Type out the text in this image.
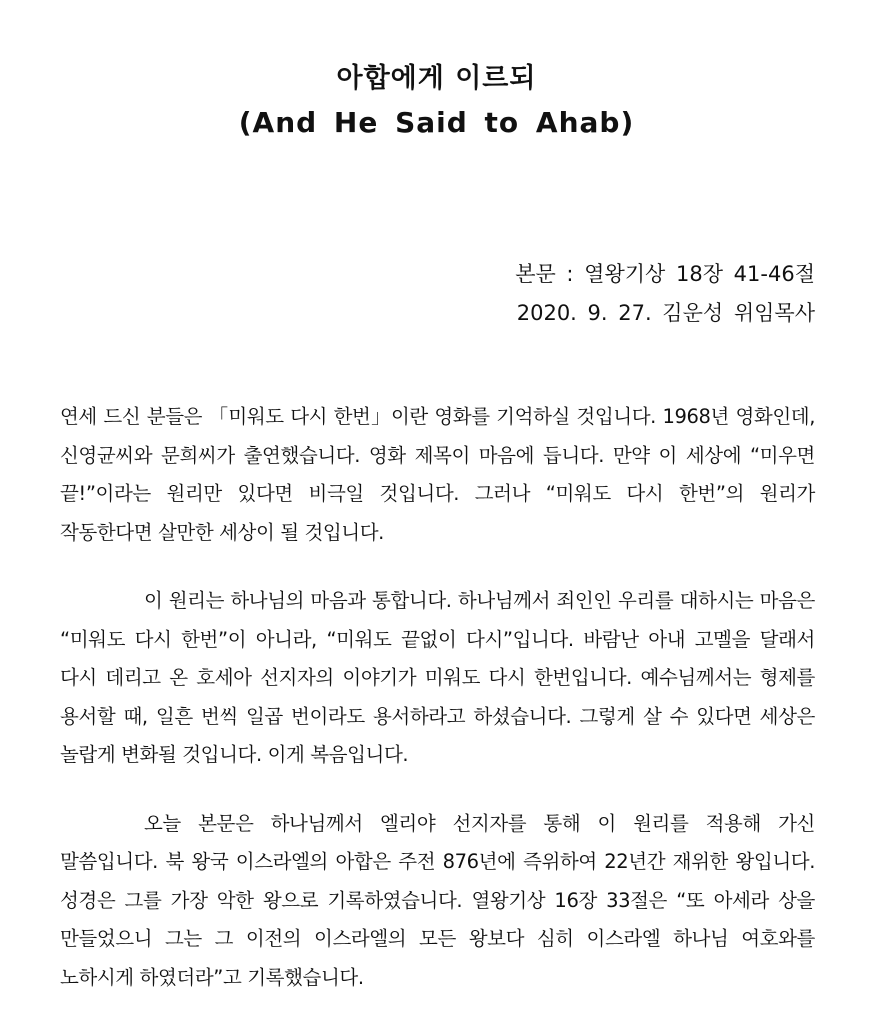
아합에게 이르되
(And He Said to Ahab)

본문 : 열왕기상 18장 41-46절

2020. 9. 27. 김운성 위임목사

연세 드신 분들은 「미워도 다시 한번」이란 영화를 기억하실 것입니다. 1968년 영화인데, 신영균씨와 문희씨가 출연했습니다. 영화 제목이 마음에 듭니다. 만약 이 세상에 “미우면 끝!”이라는 원리만 있다면 비극일 것입니다. 그러나 “미워도 다시 한번”의 원리가 작동한다면 살만한 세상이 될 것입니다.

이 원리는 하나님의 마음과 통합니다. 하나님께서 죄인인 우리를 대하시는 마음은 “미워도 다시 한번”이 아니라, “미워도 끝없이 다시”입니다. 바람난 아내 고멜을 달래서 다시 데리고 온 호세아 선지자의 이야기가 미워도 다시 한번입니다. 예수님께서는 형제를 용서할 때, 일흔 번씩 일곱 번이라도 용서하라고 하셨습니다. 그렇게 살 수 있다면 세상은 놀랍게 변화될 것입니다. 이게 복음입니다.

오늘 본문은 하나님께서 엘리야 선지자를 통해 이 원리를 적용해 가신 말씀입니다. 북 왕국 이스라엘의 아합은 주전 876년에 즉위하여 22년간 재위한 왕입니다. 성경은 그를 가장 악한 왕으로 기록하였습니다. 열왕기상 16장 33절은 “또 아세라 상을 만들었으니 그는 그 이전의 이스라엘의 모든 왕보다 심히 이스라엘 하나님 여호와를 노하시게 하였더라”고 기록했습니다.
